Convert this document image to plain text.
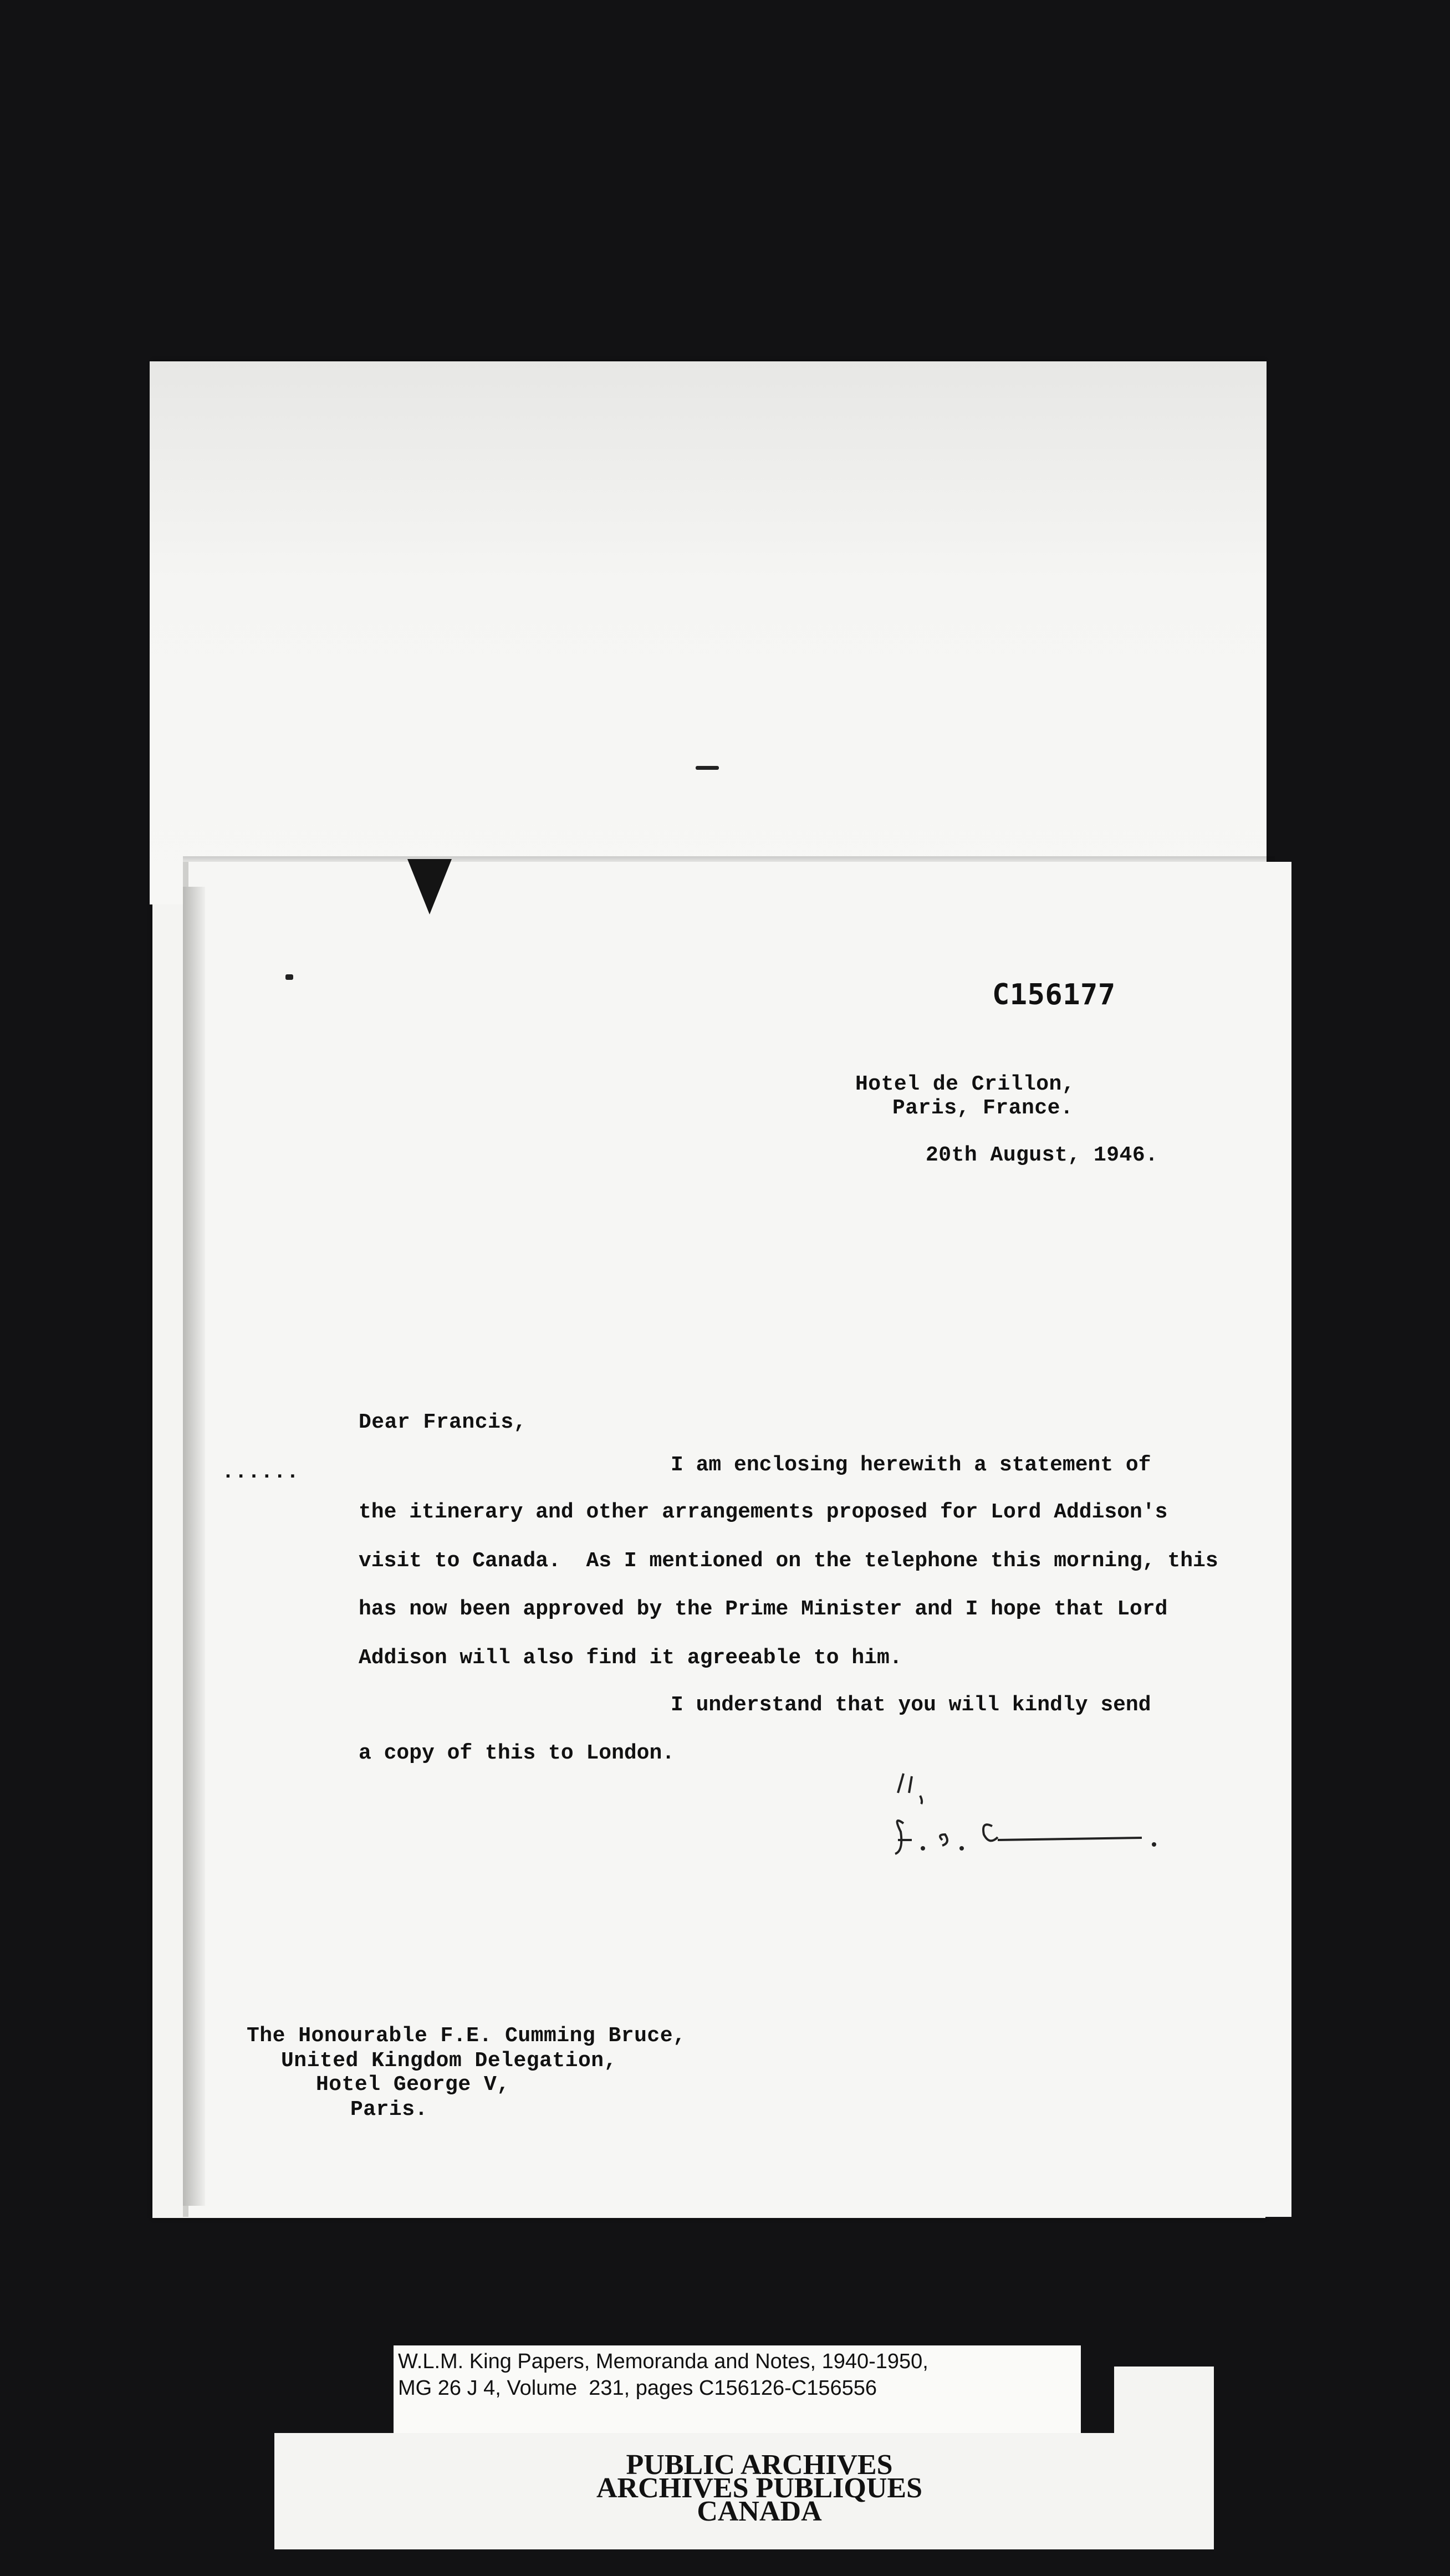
C156177
Hotel de Crillon,
Paris, France.
20th August, 1946.
Dear Francis,
......	I am enclosing herewith a statement of
the itinerary and other arrangements proposed for Lord Addison's
visit to Canada.  As I mentioned on the telephone this morning, this
has now been approved by the Prime Minister and I hope that Lord
Addison will also find it agreeable to him.
I understand that you will kindly send
a copy of this to London.
The Honourable F.E. Cumming Bruce,
United Kingdom Delegation,
Hotel George V,
Paris.
W.L.M. King Papers, Memoranda and Notes, 1940-1950,
MG 26 J 4, Volume  231, pages C156126-C156556
PUBLIC ARCHIVES
ARCHIVES PUBLIQUES
CANADA
